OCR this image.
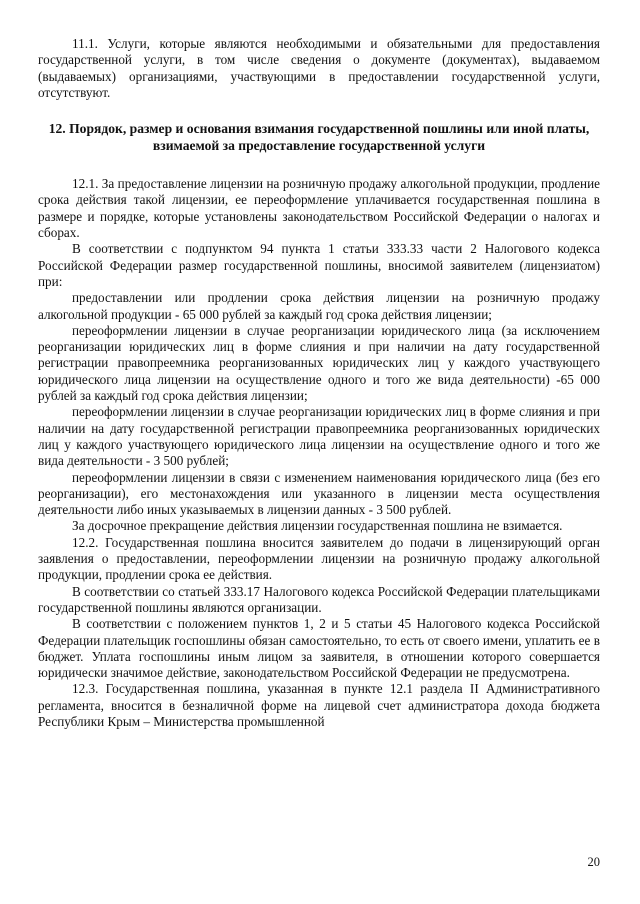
11.1. Услуги, которые являются необходимыми и обязательными для предоставления государственной услуги, в том числе сведения о документе (документах), выдаваемом (выдаваемых) организациями, участвующими в предоставлении государственной услуги, отсутствуют.

12. Порядок, размер и основания взимания государственной пошлины или иной платы, взимаемой за предоставление государственной услуги

12.1. За предоставление лицензии на розничную продажу алкогольной продукции, продление срока действия такой лицензии, ее переоформление уплачивается государственная пошлина в размере и порядке, которые установлены законодательством Российской Федерации о налогах и сборах.

В соответствии с подпунктом 94 пункта 1 статьи 333.33 части 2 Налогового кодекса Российской Федерации размер государственной пошлины, вносимой заявителем (лицензиатом) при:

предоставлении или продлении срока действия лицензии на розничную продажу алкогольной продукции - 65 000 рублей за каждый год срока действия лицензии;

переоформлении лицензии в случае реорганизации юридического лица (за исключением реорганизации юридических лиц в форме слияния и при наличии на дату государственной регистрации правопреемника реорганизованных юридических лиц у каждого участвующего юридического лица лицензии на осуществление одного и того же вида деятельности) -65 000 рублей за каждый год срока действия лицензии;

переоформлении лицензии в случае реорганизации юридических лиц в форме слияния и при наличии на дату государственной регистрации правопреемника реорганизованных юридических лиц у каждого участвующего юридического лица лицензии на осуществление одного и того же вида деятельности - 3 500 рублей;

переоформлении лицензии в связи с изменением наименования юридического лица (без его реорганизации), его местонахождения или указанного в лицензии места осуществления деятельности либо иных указываемых в лицензии данных - 3 500 рублей.

За досрочное прекращение действия лицензии государственная пошлина не взимается.

12.2. Государственная пошлина вносится заявителем до подачи в лицензирующий орган заявления о предоставлении, переоформлении лицензии на розничную продажу алкогольной продукции, продлении срока ее действия.

В соответствии со статьей 333.17 Налогового кодекса Российской Федерации плательщиками государственной пошлины являются организации.

В соответствии с положением пунктов 1, 2 и 5 статьи 45 Налогового кодекса Российской Федерации плательщик госпошлины обязан самостоятельно, то есть от своего имени, уплатить ее в бюджет. Уплата госпошлины иным лицом за заявителя, в отношении которого совершается юридически значимое действие, законодательством Российской Федерации не предусмотрена.

12.3. Государственная пошлина, указанная в пункте 12.1 раздела II Административного регламента, вносится в безналичной форме на лицевой счет администратора дохода бюджета Республики Крым – Министерства промышленной

20
